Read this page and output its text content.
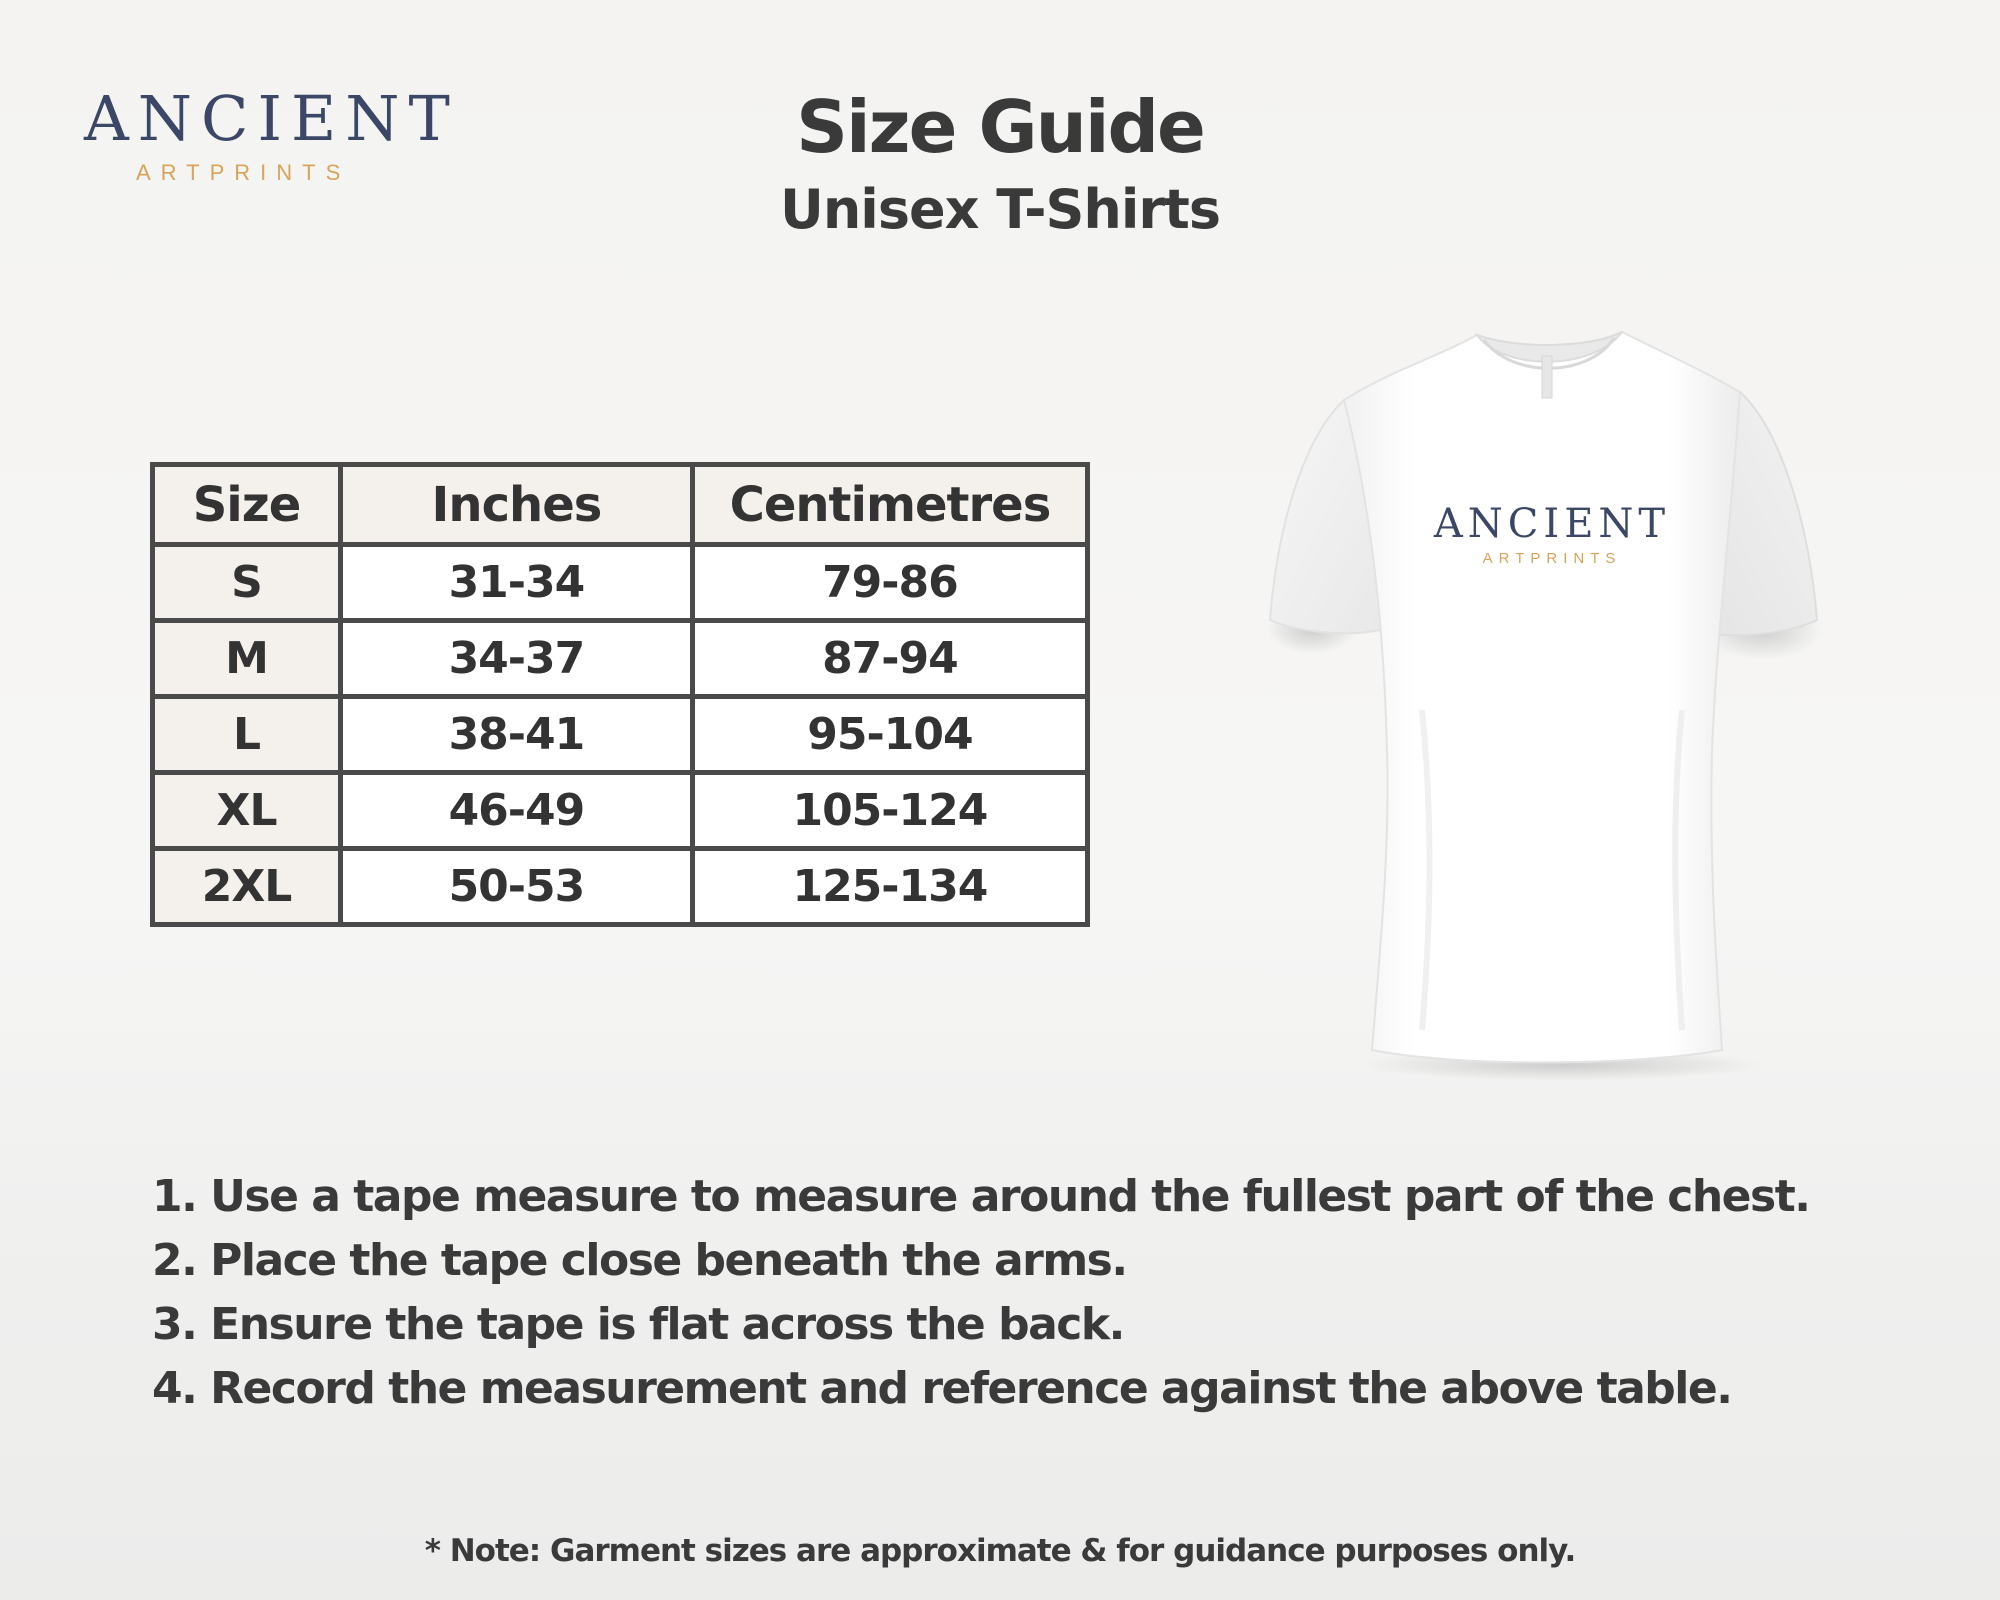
ANCIENT
ARTPRINTS
Size Guide
Unisex T-Shirts
Size	Inches	Centimetres
S	31-34	79-86
M	34-37	87-94
L	38-41	95-104
XL	46-49	105-124
2XL	50-53	125-134
ANCIENT
ARTPRINTS
1. Use a tape measure to measure around the fullest part of the chest.
2. Place the tape close beneath the arms.
3. Ensure the tape is flat across the back.
4. Record the measurement and reference against the above table.
* Note: Garment sizes are approximate & for guidance purposes only.
